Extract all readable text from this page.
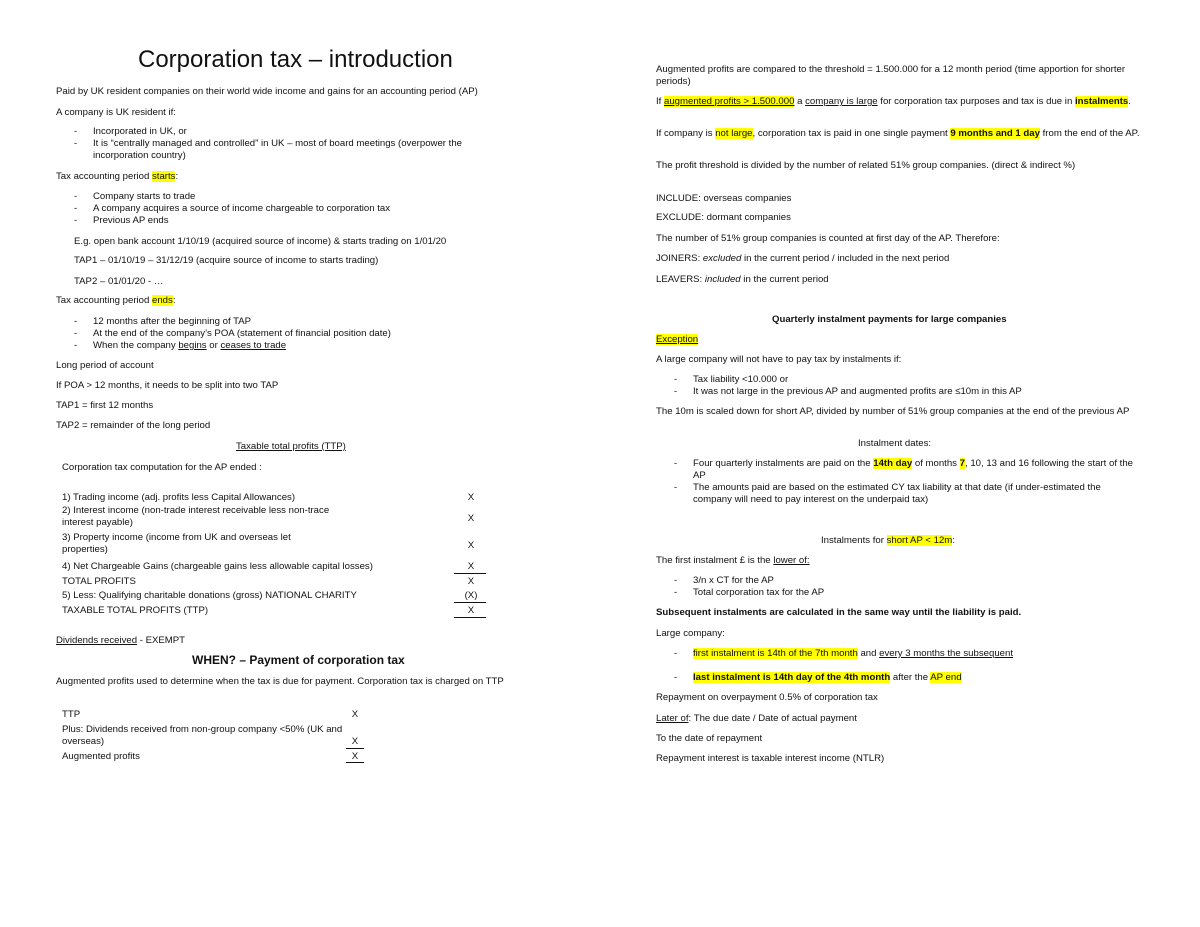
Corporation tax – introduction
Paid by UK resident companies on their world wide income and gains for an accounting period (AP)
A company is UK resident if:
- Incorporated in UK, or
- It is “centrally managed and controlled” in UK – most of board meetings (overpower the incorporation country)
Tax accounting period starts:
- Company starts to trade
- A company acquires a source of income chargeable to corporation tax
- Previous AP ends
E.g. open bank account 1/10/19 (acquired source of income) & starts trading on 1/01/20
TAP1 – 01/10/19 – 31/12/19 (acquire source of income to starts trading)
TAP2 – 01/01/20 - …
Tax accounting period ends:
- 12 months after the beginning of TAP
- At the end of the company’s POA (statement of financial position date)
- When the company begins or ceases to trade
Long period of account
If POA > 12 months, it needs to be split into two TAP
TAP1 = first 12 months
TAP2 = remainder of the long period
Taxable total profits (TTP)
Corporation tax computation for the AP ended :
1) Trading income (adj. profits less Capital Allowances)	X
2) Interest income (non-trade interest receivable less non-trace interest payable)	X
3) Property income (income from UK and overseas let properties)	X
4) Net Chargeable Gains (chargeable gains less allowable capital losses)	X
TOTAL PROFITS	X
5) Less: Qualifying charitable donations (gross) NATIONAL CHARITY	(X)
TAXABLE TOTAL PROFITS (TTP)	X
Dividends received - EXEMPT
WHEN? – Payment of corporation tax
Augmented profits used to determine when the tax is due for payment. Corporation tax is charged on TTP
TTP	X
Plus: Dividends received from non-group company <50% (UK and overseas)	X
Augmented profits	X
Augmented profits are compared to the threshold = 1.500.000 for a 12 month period (time apportion for shorter periods)
If augmented profits > 1.500.000 a company is large for corporation tax purposes and tax is due in instalments.
If company is not large, corporation tax is paid in one single payment 9 months and 1 day from the end of the AP.
The profit threshold is divided by the number of related 51% group companies. (direct & indirect %)
INCLUDE: overseas companies
EXCLUDE: dormant companies
The number of 51% group companies is counted at first day of the AP. Therefore:
JOINERS: excluded in the current period / included in the next period
LEAVERS: included in the current period
Quarterly instalment payments for large companies
Exception
A large company will not have to pay tax by instalments if:
- Tax liability <10.000 or
- It was not large in the previous AP and augmented profits are ≤10m in this AP
The 10m is scaled down for short AP, divided by number of 51% group companies at the end of the previous AP
Instalment dates:
- Four quarterly instalments are paid on the 14th day of months 7, 10, 13 and 16 following the start of the AP
- The amounts paid are based on the estimated CY tax liability at that date (if under-estimated the company will need to pay interest on the underpaid tax)
Instalments for short AP < 12m:
The first instalment £ is the lower of:
- 3/n x CT for the AP
- Total corporation tax for the AP
Subsequent instalments are calculated in the same way until the liability is paid.
Large company:
- first instalment is 14th of the 7th month and every 3 months the subsequent
- last instalment is 14th day of the 4th month after the AP end
Repayment on overpayment 0.5% of corporation tax
Later of: The due date / Date of actual payment
To the date of repayment
Repayment interest is taxable interest income (NTLR)
